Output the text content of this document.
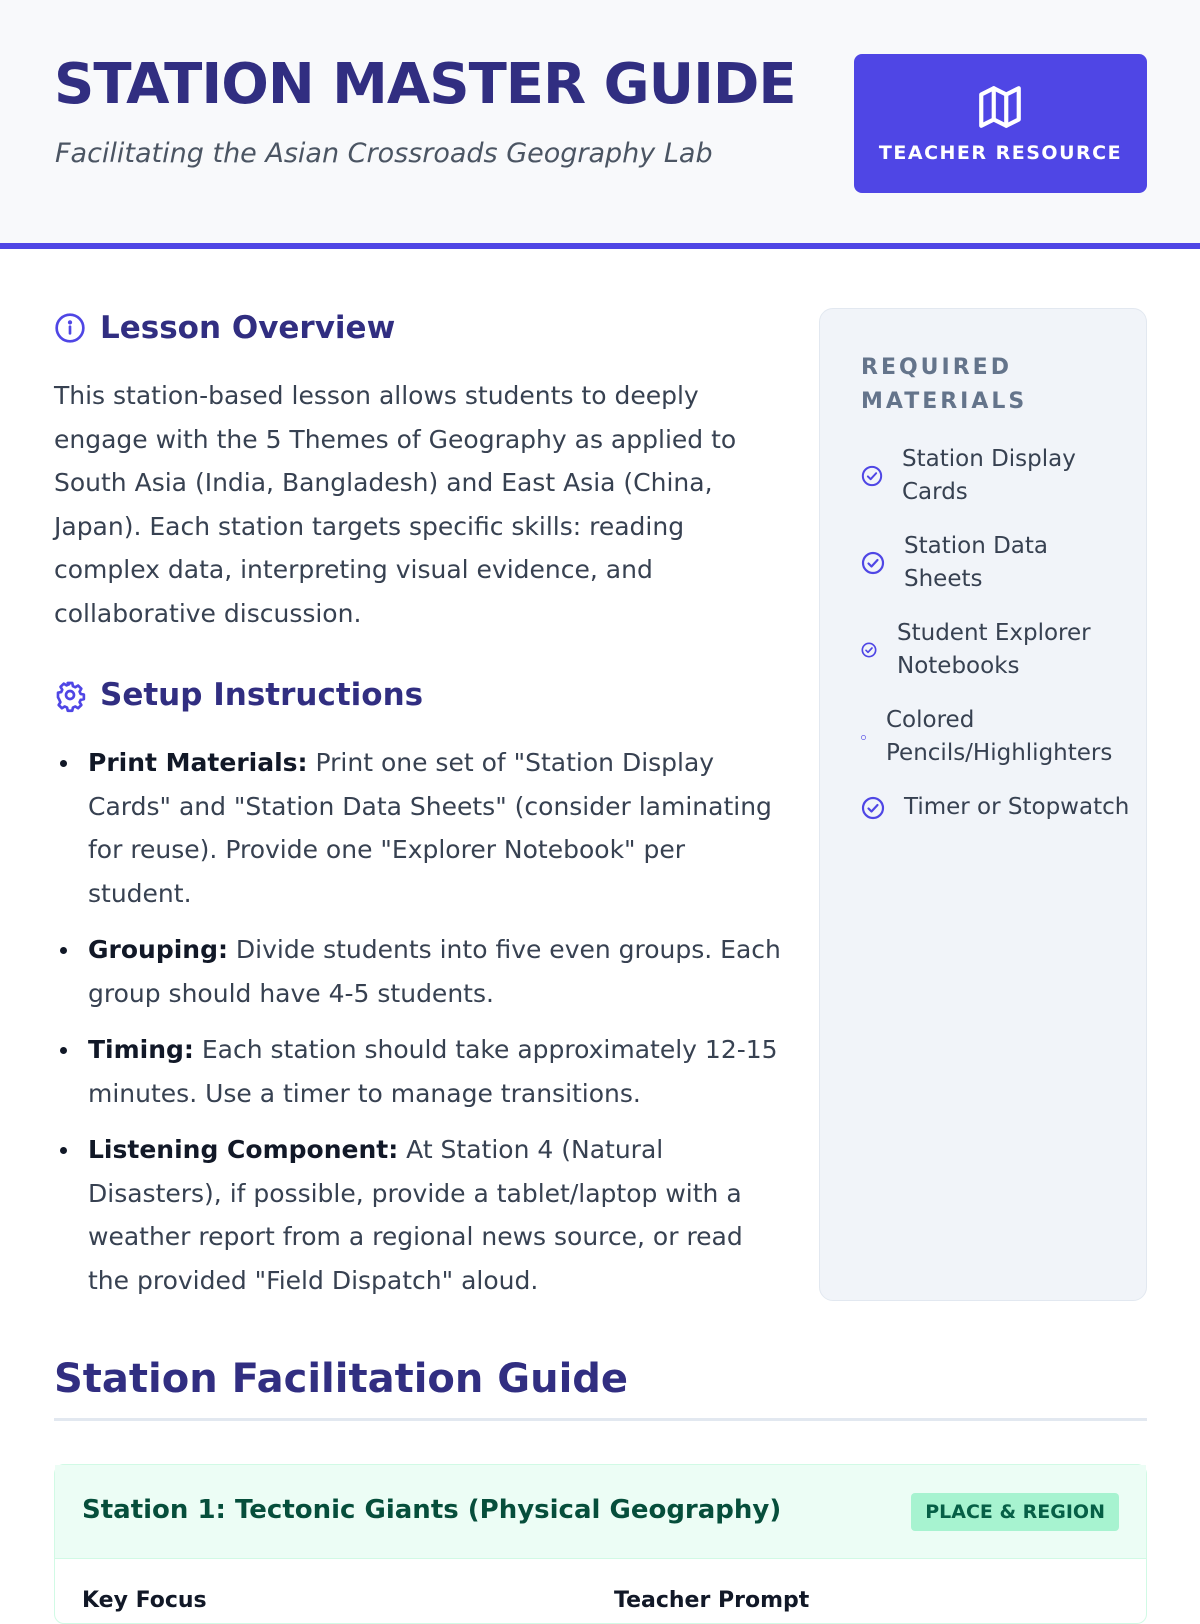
STATION MASTER GUIDE
Facilitating the Asian Crossroads Geography Lab	TEACHER RESOURCE
Lesson Overview

This station-based lesson allows students to deeply engage with the 5 Themes of Geography as applied to South Asia (India, Bangladesh) and East Asia (China, Japan). Each station targets specific skills: reading complex data, interpreting visual evidence, and collaborative discussion.

Setup Instructions
Print Materials: Print one set of "Station Display Cards" and "Station Data Sheets" (consider laminating for reuse). Provide one "Explorer Notebook" per student.
Grouping: Divide students into five even groups. Each group should have 4-5 students.
Timing: Each station should take approximately 12-15 minutes. Use a timer to manage transitions.
Listening Component: At Station 4 (Natural Disasters), if possible, provide a tablet/laptop with a weather report from a regional news source, or read the provided "Field Dispatch" aloud.
REQUIRED MATERIALS
Station Display Cards
Station Data Sheets
Student Explorer Notebooks
Colored Pencils/Highlighters
Timer or Stopwatch
Station Facilitation Guide
Station 1: Tectonic Giants (Physical Geography)	PLACE & REGION
Key Focus	Teacher Prompt
